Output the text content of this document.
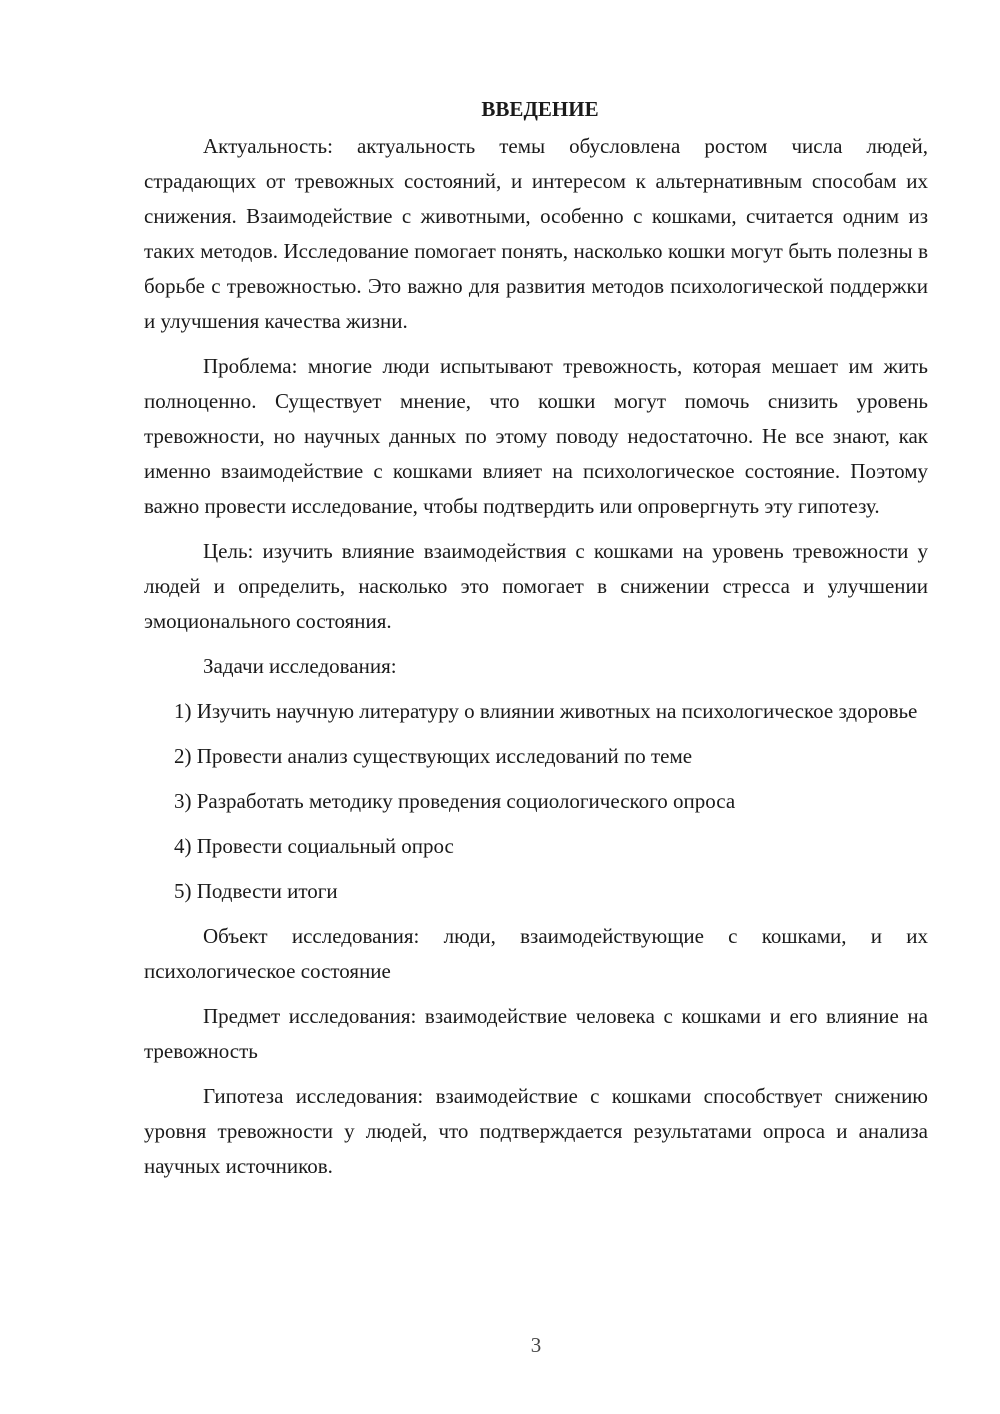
ВВЕДЕНИЕ

Актуальность: актуальность темы обусловлена ростом числа людей, страдающих от тревожных состояний, и интересом к альтернативным способам их снижения. Взаимодействие с животными, особенно с кошками, считается одним из таких методов. Исследование помогает понять, насколько кошки могут быть полезны в борьбе с тревожностью. Это важно для развития методов психологической поддержки и улучшения качества жизни.

Проблема: многие люди испытывают тревожность, которая мешает им жить полноценно. Существует мнение, что кошки могут помочь снизить уровень тревожности, но научных данных по этому поводу недостаточно. Не все знают, как именно взаимодействие с кошками влияет на психологическое состояние. Поэтому важно провести исследование, чтобы подтвердить или опровергнуть эту гипотезу.

Цель: изучить влияние взаимодействия с кошками на уровень тревожности у людей и определить, насколько это помогает в снижении стресса и улучшении эмоционального состояния.

Задачи исследования:

1) Изучить научную литературу о влиянии животных на психологическое здоровье
2) Провести анализ существующих исследований по теме
3) Разработать методику проведения социологического опроса
4) Провести социальный опрос
5) Подвести итоги

Объект исследования: люди, взаимодействующие с кошками, и их психологическое состояние

Предмет исследования: взаимодействие человека с кошками и его влияние на тревожность

Гипотеза исследования: взаимодействие с кошками способствует снижению уровня тревожности у людей, что подтверждается результатами опроса и анализа научных источников.

3
